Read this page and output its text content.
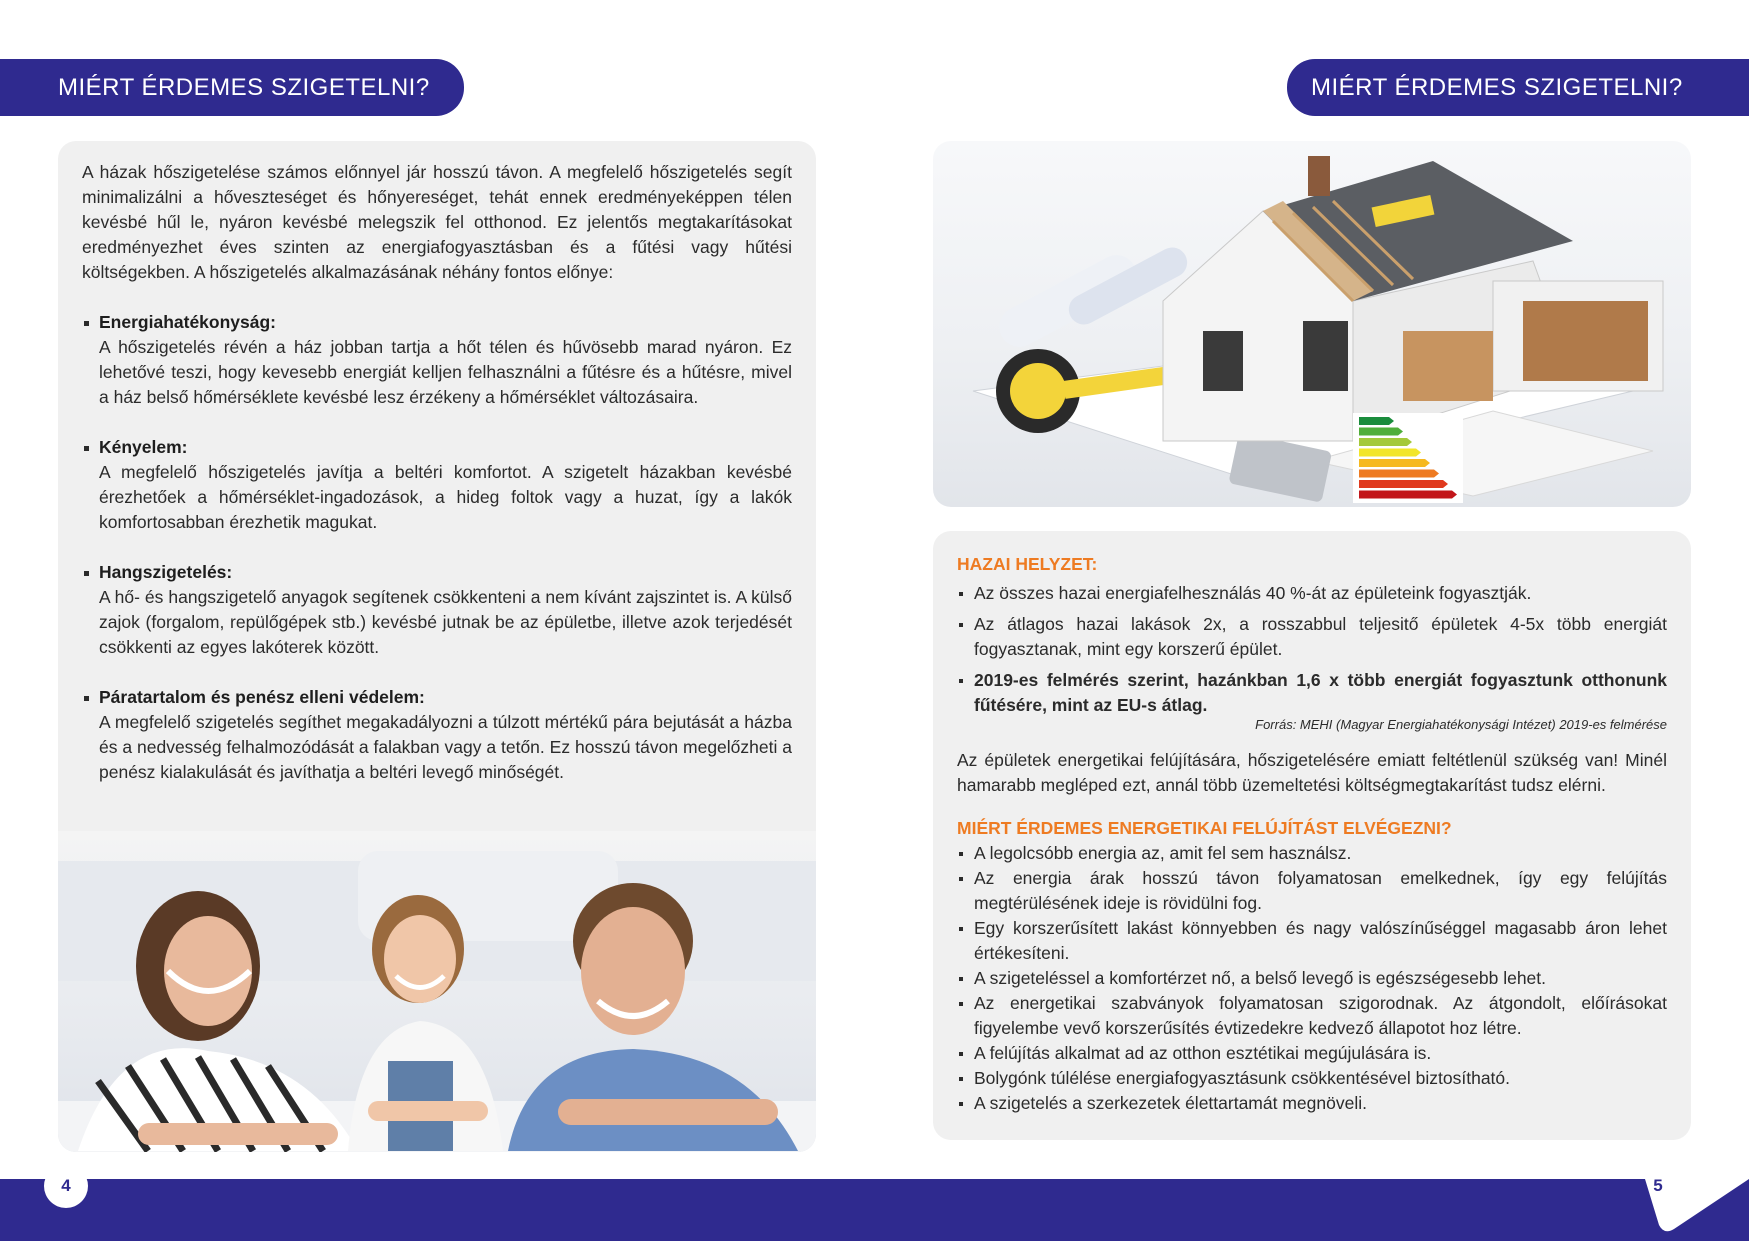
MIÉRT ÉRDEMES SZIGETELNI?	MIÉRT ÉRDEMES SZIGETELNI?

A házak hőszigetelése számos előnnyel jár hosszú távon. A megfelelő hőszigetelés segít minimalizálni a hőveszteséget és hőnyereséget, tehát ennek eredményeképpen télen kevésbé hűl le, nyáron kevésbé melegszik fel otthonod. Ez jelentős megtakarításokat eredményezhet éves szinten az energiafogyasztásban és a fűtési vagy hűtési költségekben. A hőszigetelés alkalmazásának néhány fontos előnye:

Energiahatékonyság:

A hőszigetelés révén a ház jobban tartja a hőt télen és hűvösebb marad nyáron. Ez lehetővé teszi, hogy kevesebb energiát kelljen felhasználni a fűtésre és a hűtésre, mivel a ház belső hőmérséklete kevésbé lesz érzékeny a hőmérséklet változásaira.

Kényelem:

A megfelelő hőszigetelés javítja a beltéri komfortot. A szigetelt házakban kevésbé érezhetőek a hőmérséklet-ingadozások, a hideg foltok vagy a huzat, így a lakók komfortosabban érezhetik magukat.

Hangszigetelés:

A hő- és hangszigetelő anyagok segítenek csökkenteni a nem kívánt zajszintet is. A külső zajok (forgalom, repülőgépek stb.) kevésbé jutnak be az épületbe, illetve azok terjedését csökkenti az egyes lakóterek között.

Páratartalom és penész elleni védelem:

A megfelelő szigetelés segíthet megakadályozni a túlzott mértékű pára bejutását a házba és a nedvesség felhalmozódását a falakban vagy a tetőn. Ez hosszú távon megelőzheti a penész kialakulását és javíthatja a beltéri levegő minőségét.

HAZAI HELYZET:
Az összes hazai energiafelhesználás 40 %-át az épületeink fogyasztják.
Az átlagos hazai lakások 2x, a rosszabbul teljesitő épületek 4-5x több energiát fogyasztanak, mint egy korszerű épület.
2019-es felmérés szerint, hazánkban 1,6 x több energiát fogyasztunk otthonunk fűtésére, mint az EU-s átlag.
Forrás: MEHI (Magyar Energiahatékonysági Intézet) 2019-es felmérése

Az épületek energetikai felújítására, hőszigetelésére emiatt feltétlenül szükség van! Minél hamarabb megléped ezt, annál több üzemeltetési költségmegtakarítást tudsz elérni.

MIÉRT ÉRDEMES ENERGETIKAI FELÚJÍTÁST ELVÉGEZNI?
A legolcsóbb energia az, amit fel sem használsz.
Az energia árak hosszú távon folyamatosan emelkednek, így egy felújítás megtérülésének ideje is rövidülni fog.
Egy korszerűsített lakást könnyebben és nagy valószínűséggel magasabb áron lehet értékesíteni.
A szigeteléssel a komfortérzet nő, a belső levegő is egészségesebb lehet.
Az energetikai szabványok folyamatosan szigorodnak. Az átgondolt, előírásokat figyelembe vevő korszerűsítés évtizedekre kedvező állapotot hoz létre.
A felújítás alkalmat ad az otthon esztétikai megújulására is.
Bolygónk túlélése energiafogyasztásunk csökkentésével biztosítható.
A szigetelés a szerkezetek élettartamát megnöveli.
4	5
